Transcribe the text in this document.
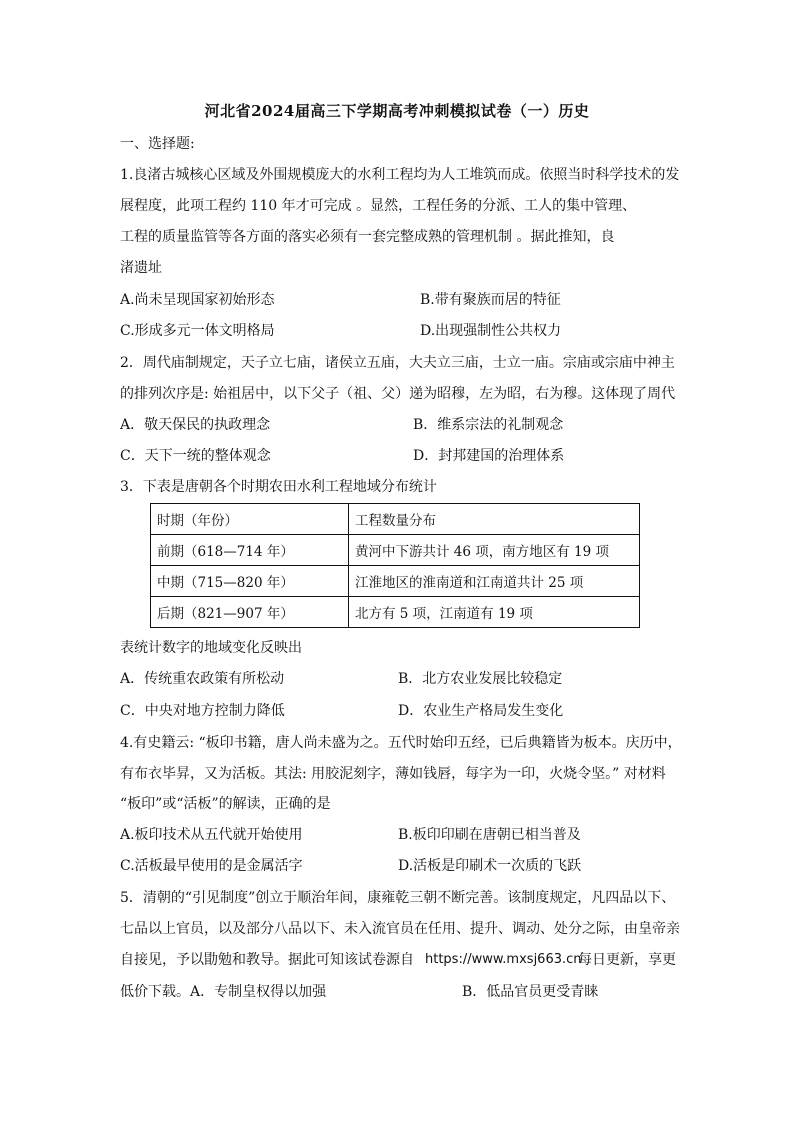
河北省2024届高三下学期高考冲刺模拟试卷（一）历史
一、选择题:
1.良渚古城核心区域及外围规模庞大的水利工程均为人工堆筑而成。依照当时科学技术的发
展程度，此项工程约 110 年才可完成 。显然，工程任务的分派、工人的集中管理、
工程的质量监管等各方面的落实必须有一套完整成熟的管理机制 。据此推知，良
渚遗址
A.尚未呈现国家初始形态	B.带有聚族而居的特征
C.形成多元一体文明格局	D.出现强制性公共权力
2．周代庙制规定，天子立七庙，诸侯立五庙，大夫立三庙，士立一庙。宗庙或宗庙中神主
的排列次序是: 始祖居中，以下父子（祖、父）递为昭穆，左为昭，右为穆。这体现了周代
A．敬天保民的执政理念	B．维系宗法的礼制观念
C．天下一统的整体观念	D．封邦建国的治理体系
3．下表是唐朝各个时期农田水利工程地域分布统计
时期（年份）	工程数量分布
前期（618—714 年）	黄河中下游共计 46 项，南方地区有 19 项
中期（715—820 年）	江淮地区的淮南道和江南道共计 25 项
后期（821—907 年）	北方有 5 项，江南道有 19 项
表统计数字的地域变化反映出
A．传统重农政策有所松动	B．北方农业发展比较稳定
C．中央对地方控制力降低	D．农业生产格局发生变化
4.有史籍云: “板印书籍，唐人尚未盛为之。五代时始印五经，已后典籍皆为板本。庆历中，
有布衣毕昇，又为活板。其法: 用胶泥刻字，薄如钱唇，每字为一印，火烧令坚。” 对材料
“板印”或“活板”的解读，正确的是
A.板印技术从五代就开始使用	B.板印印刷在唐朝已相当普及
C.活板最早使用的是金属活字	D.活板是印刷术一次质的飞跃
5．清朝的“引见制度”创立于顺治年间，康雍乾三朝不断完善。该制度规定，凡四品以下、
七品以上官员，以及部分八品以下、未入流官员在任用、提升、调动、处分之际，由皇帝亲
自接见，予以勖勉和教导。据此可知该试卷源自 https://www.mxsj663.cn
每日更新，享更
低价下载。A．专制皇权得以加强	B．低品官员更受青睐
